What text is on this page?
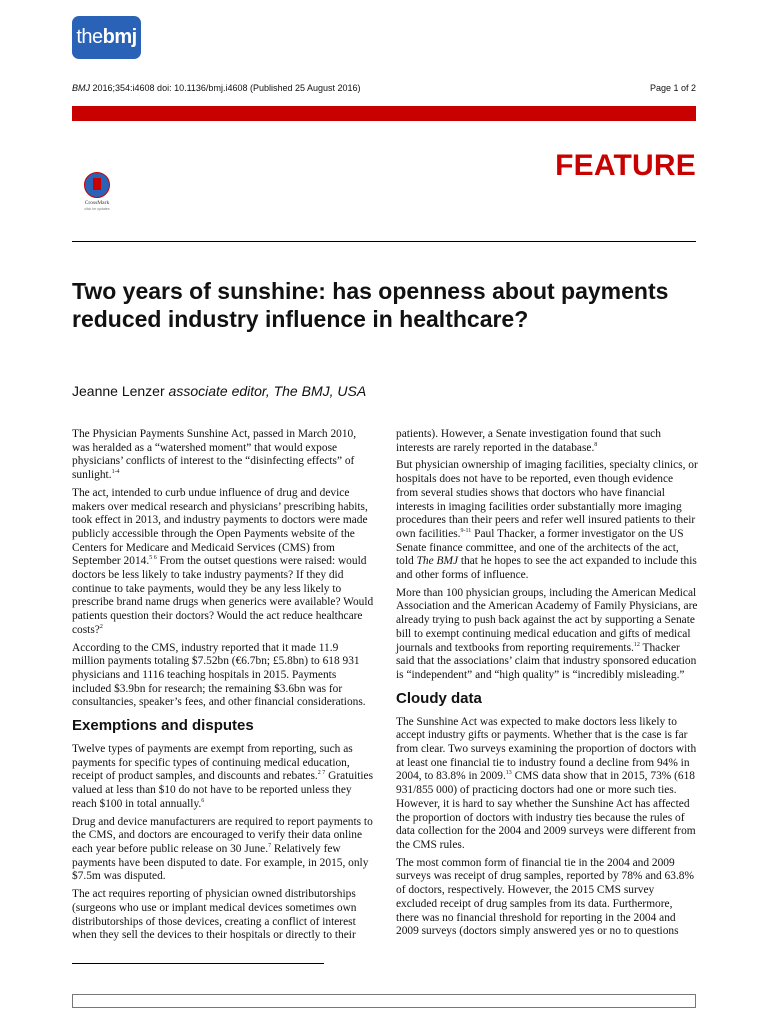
thebmj
BMJ 2016;354:i4608 doi: 10.1136/bmj.i4608 (Published 25 August 2016)	Page 1 of 2
FEATURE
CrossMark
click for updates
Two years of sunshine: has openness about payments reduced industry influence in healthcare?
Jeanne Lenzer associate editor, The BMJ, USA

The Physician Payments Sunshine Act, passed in March 2010, was heralded as a “watershed moment” that would expose physicians’ conflicts of interest to the “disinfecting effects” of sunlight.$^{1-4}$

The act, intended to curb undue influence of drug and device makers over medical research and physicians’ prescribing habits, took effect in 2013, and industry payments to doctors were made publicly accessible through the Open Payments website of the Centers for Medicare and Medicaid Services (CMS) from September 2014.$^{5 6}$ From the outset questions were raised: would doctors be less likely to take industry payments? If they did continue to take payments, would they be any less likely to prescribe brand name drugs when generics were available? Would patients question their doctors? Would the act reduce healthcare costs?$^2$

According to the CMS, industry reported that it made 11.9 million payments totaling $7.52bn (€6.7bn; £5.8bn) to 618 931 physicians and 1116 teaching hospitals in 2015. Payments included $3.9bn for research; the remaining $3.6bn was for consultancies, speaker’s fees, and other financial considerations.

Exemptions and disputes

Twelve types of payments are exempt from reporting, such as payments for specific types of continuing medical education, receipt of product samples, and discounts and rebates.$^{2 7}$ Gratuities valued at less than $10 do not have to be reported unless they reach $100 in total annually.$^6$

Drug and device manufacturers are required to report payments to the CMS, and doctors are encouraged to verify their data online each year before public release on 30 June.$^7$ Relatively few payments have been disputed to date. For example, in 2015, only $7.5m was disputed.

The act requires reporting of physician owned distributorships (surgeons who use or implant medical devices sometimes own distributorships of those devices, creating a conflict of interest when they sell the devices to their hospitals or directly to their

patients). However, a Senate investigation found that such interests are rarely reported in the database.$^8$

But physician ownership of imaging facilities, specialty clinics, or hospitals does not have to be reported, even though evidence from several studies shows that doctors who have financial interests in imaging facilities order substantially more imaging procedures than their peers and refer well insured patients to their own facilities.$^{9-11}$ Paul Thacker, a former investigator on the US Senate finance committee, and one of the architects of the act, told The BMJ that he hopes to see the act expanded to include this and other forms of influence.

More than 100 physician groups, including the American Medical Association and the American Academy of Family Physicians, are already trying to push back against the act by supporting a Senate bill to exempt continuing medical education and gifts of medical journals and textbooks from reporting requirements.$^{12}$ Thacker said that the associations’ claim that industry sponsored education is “independent” and “high quality” is “incredibly misleading.”

Cloudy data

The Sunshine Act was expected to make doctors less likely to accept industry gifts or payments. Whether that is the case is far from clear. Two surveys examining the proportion of doctors with at least one financial tie to industry found a decline from 94% in 2004, to 83.8% in 2009.13 CMS data show that in 2015, 73% (618 931/855 000) of practicing doctors had one or more such ties. However, it is hard to say whether the Sunshine Act has affected the proportion of doctors with industry ties because the rules of data collection for the 2004 and 2009 surveys were different from the CMS rules.

The most common form of financial tie in the 2004 and 2009 surveys was receipt of drug samples, reported by 78% and 63.8% of doctors, respectively. However, the 2015 CMS survey excluded receipt of drug samples from its data. Furthermore, there was no financial threshold for reporting in the 2004 and 2009 surveys (doctors simply answered yes or no to questions
